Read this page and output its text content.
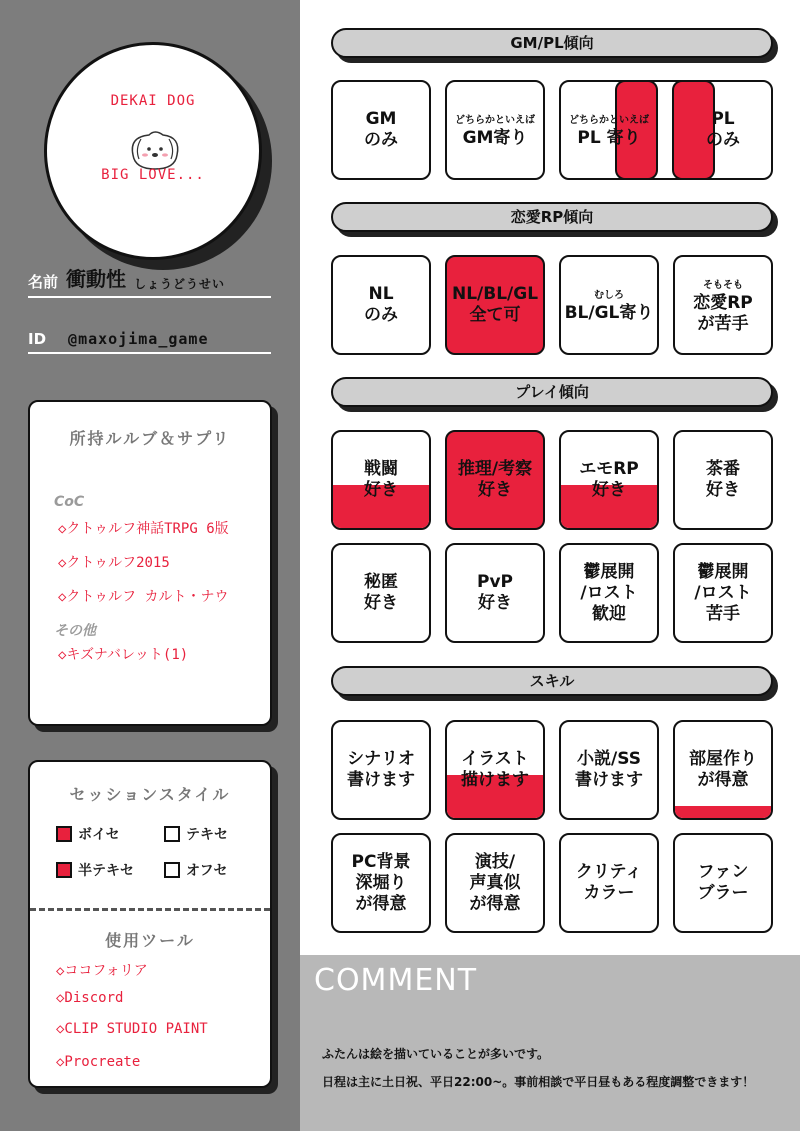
DEKAI DOG
BIG LOVE...
名前 衝動性 しょうどうせい
ID @maxojima_game
所持ルルブ＆サプリ
CoC
◇クトゥルフ神話TRPG 6版
◇クトゥルフ2015
◇クトゥルフ カルト・ナウ
その他
◇キズナバレット(1)
セッションスタイル
ボイセ	テキセ
半テキセ	オフセ
使用ツール
◇ココフォリア
◇Discord
◇CLIP STUDIO PAINT
◇Procreate
GM/PL傾向
恋愛RP傾向
プレイ傾向
スキル
GM
のみ
どちらかといえば
GM寄り
どちらかといえば
PL 寄り
PL
のみ
NL
のみ
NL/BL/GL
全て可
むしろ
BL/GL寄り
そもそも
恋愛RP
が苦手
戦闘
好き
推理/考察
好き
エモRP
好き
茶番
好き
秘匿
好き
PvP
好き
鬱展開
/ロスト
歓迎
鬱展開
/ロスト
苦手
シナリオ
書けます
イラスト
描けます
小説/SS
書けます
部屋作り
が得意
PC背景
深堀り
が得意
演技/
声真似
が得意
クリティ
カラー
ファン
ブラー
COMMENT
ふたんは絵を描いていることが多いです。
日程は主に土日祝、平日22:00~。事前相談で平日昼もある程度調整できます！
